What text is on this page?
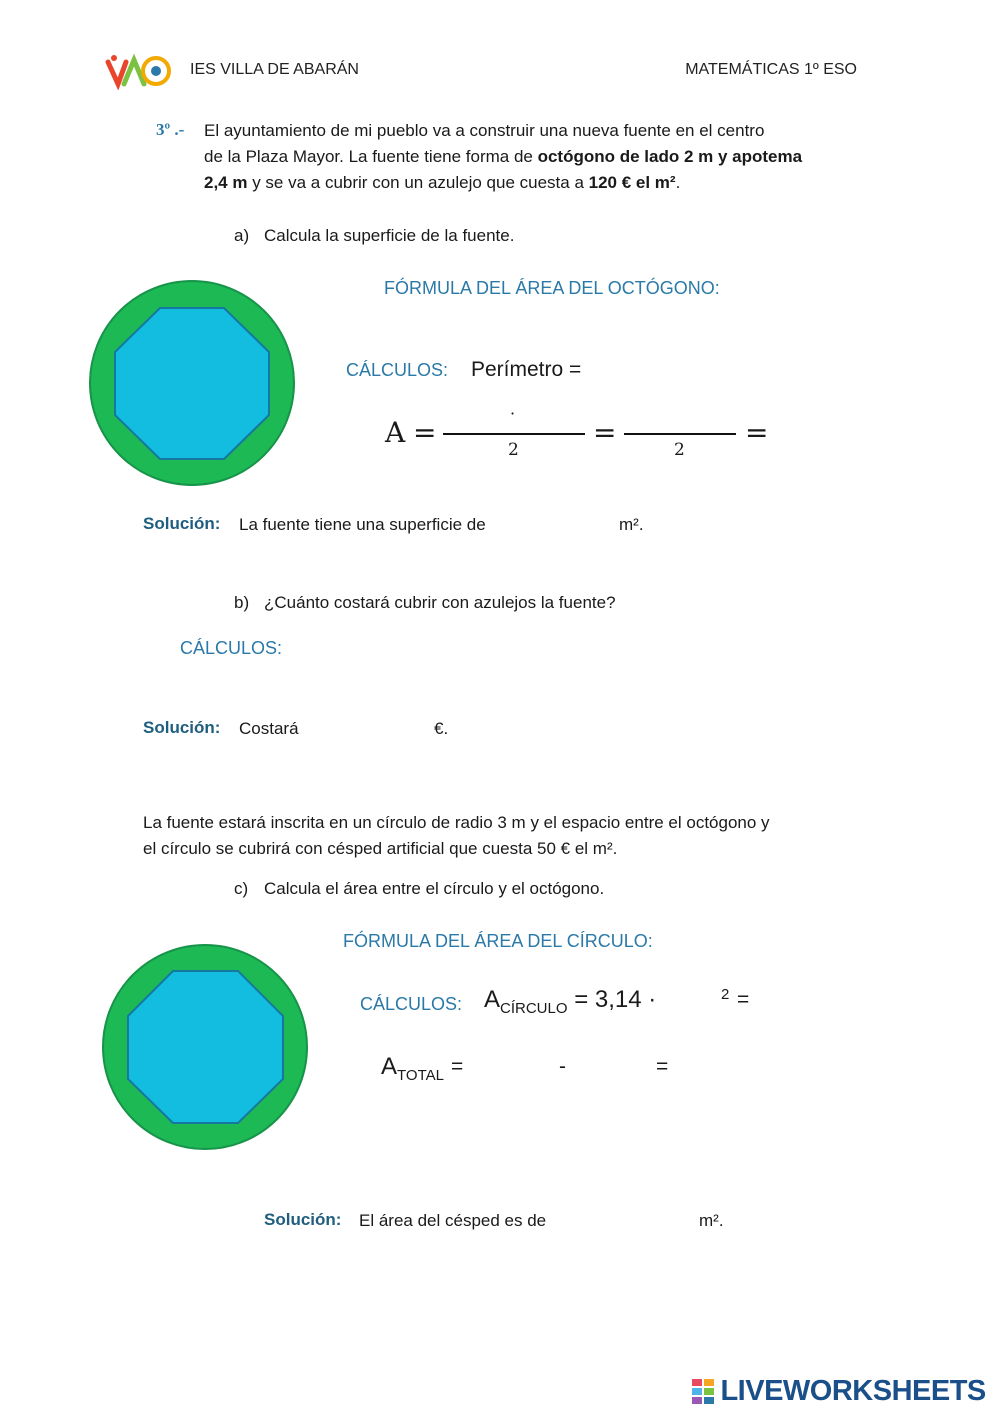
IES VILLA DE ABARÁN	MATEMÁTICAS 1º ESO
3º .- El ayuntamiento de mi pueblo va a construir una nueva fuente en el centro
de la Plaza Mayor. La fuente tiene forma de octógono de lado 2 m y apotema
2,4 m y se va a cubrir con un azulejo que cuesta a 120 € el m².
a) Calcula la superficie de la fuente.
FÓRMULA DEL ÁREA DEL OCTÓGONO:
CÁLCULOS: Perímetro =
A =
·
2
=
2
=
Solución: La fuente tiene una superficie de	m².
b) ¿Cuánto costará cubrir con azulejos la fuente?
CÁLCULOS:
Solución: Costará	€.
La fuente estará inscrita en un círculo de radio 3 m y el espacio entre el octógono y
el círculo se cubrirá con césped artificial que cuesta 50 € el m².
c) Calcula el área entre el círculo y el octógono.
FÓRMULA DEL ÁREA DEL CÍRCULO:
CÁLCULOS: $A_{CÍRCULO} = 3,14$ ·	2 =
$A_{TOTAL}$ =	-	=
Solución: El área del césped es de	m².
LIVEWORKSHEETS
